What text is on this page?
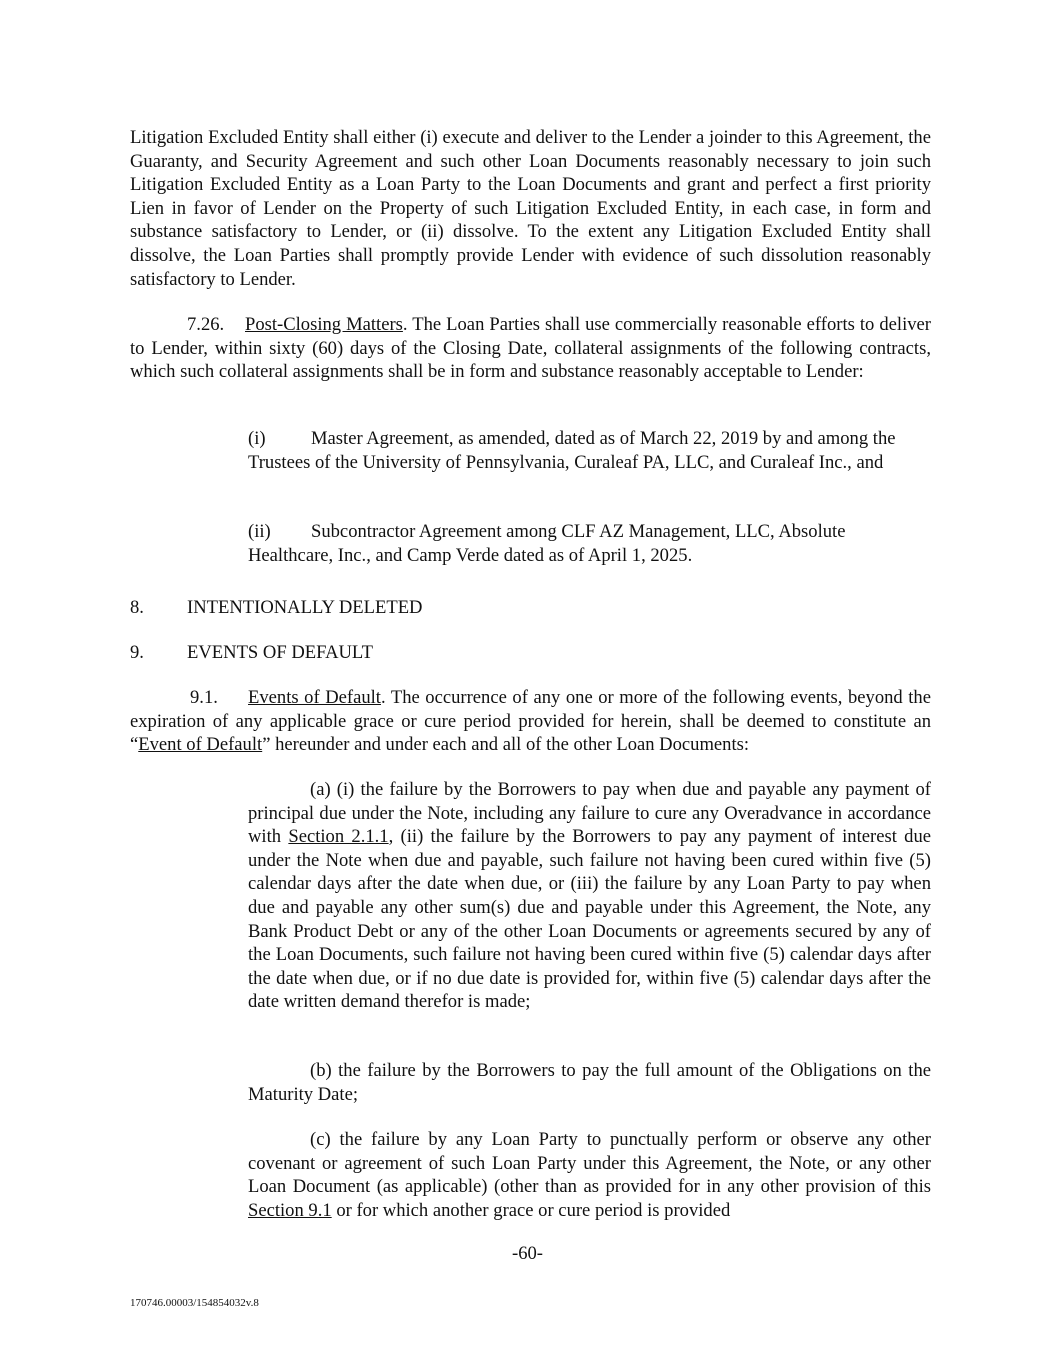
Litigation Excluded Entity shall either (i) execute and deliver to the Lender a joinder to this Agreement, the Guaranty, and Security Agreement and such other Loan Documents reasonably necessary to join such Litigation Excluded Entity as a Loan Party to the Loan Documents and grant and perfect a first priority Lien in favor of Lender on the Property of such Litigation Excluded Entity, in each case, in form and substance satisfactory to Lender, or (ii) dissolve. To the extent any Litigation Excluded Entity shall dissolve, the Loan Parties shall promptly provide Lender with evidence of such dissolution reasonably satisfactory to Lender.

7.26. Post-Closing Matters. The Loan Parties shall use commercially reasonable efforts to deliver to Lender, within sixty (60) days of the Closing Date, collateral assignments of the following contracts, which such collateral assignments shall be in form and substance reasonably acceptable to Lender:

(i) Master Agreement, as amended, dated as of March 22, 2019 by and among the Trustees of the University of Pennsylvania, Curaleaf PA, LLC, and Curaleaf Inc., and

(ii) Subcontractor Agreement among CLF AZ Management, LLC, Absolute Healthcare, Inc., and Camp Verde dated as of April 1, 2025.

8. INTENTIONALLY DELETED
9. EVENTS OF DEFAULT

9.1. Events of Default. The occurrence of any one or more of the following events, beyond the expiration of any applicable grace or cure period provided for herein, shall be deemed to constitute an “Event of Default” hereunder and under each and all of the other Loan Documents:

(a) (i) the failure by the Borrowers to pay when due and payable any payment of principal due under the Note, including any failure to cure any Overadvance in accordance with Section 2.1.1, (ii) the failure by the Borrowers to pay any payment of interest due under the Note when due and payable, such failure not having been cured within five (5) calendar days after the date when due, or (iii) the failure by any Loan Party to pay when due and payable any other sum(s) due and payable under this Agreement, the Note, any Bank Product Debt or any of the other Loan Documents or agreements secured by any of the Loan Documents, such failure not having been cured within five (5) calendar days after the date when due, or if no due date is provided for, within five (5) calendar days after the date written demand therefor is made;

(b) the failure by the Borrowers to pay the full amount of the Obligations on the Maturity Date;

(c) the failure by any Loan Party to punctually perform or observe any other covenant or agreement of such Loan Party under this Agreement, the Note, or any other Loan Document (as applicable) (other than as provided for in any other provision of this Section 9.1 or for which another grace or cure period is provided

-60-
170746.00003/154854032v.8
